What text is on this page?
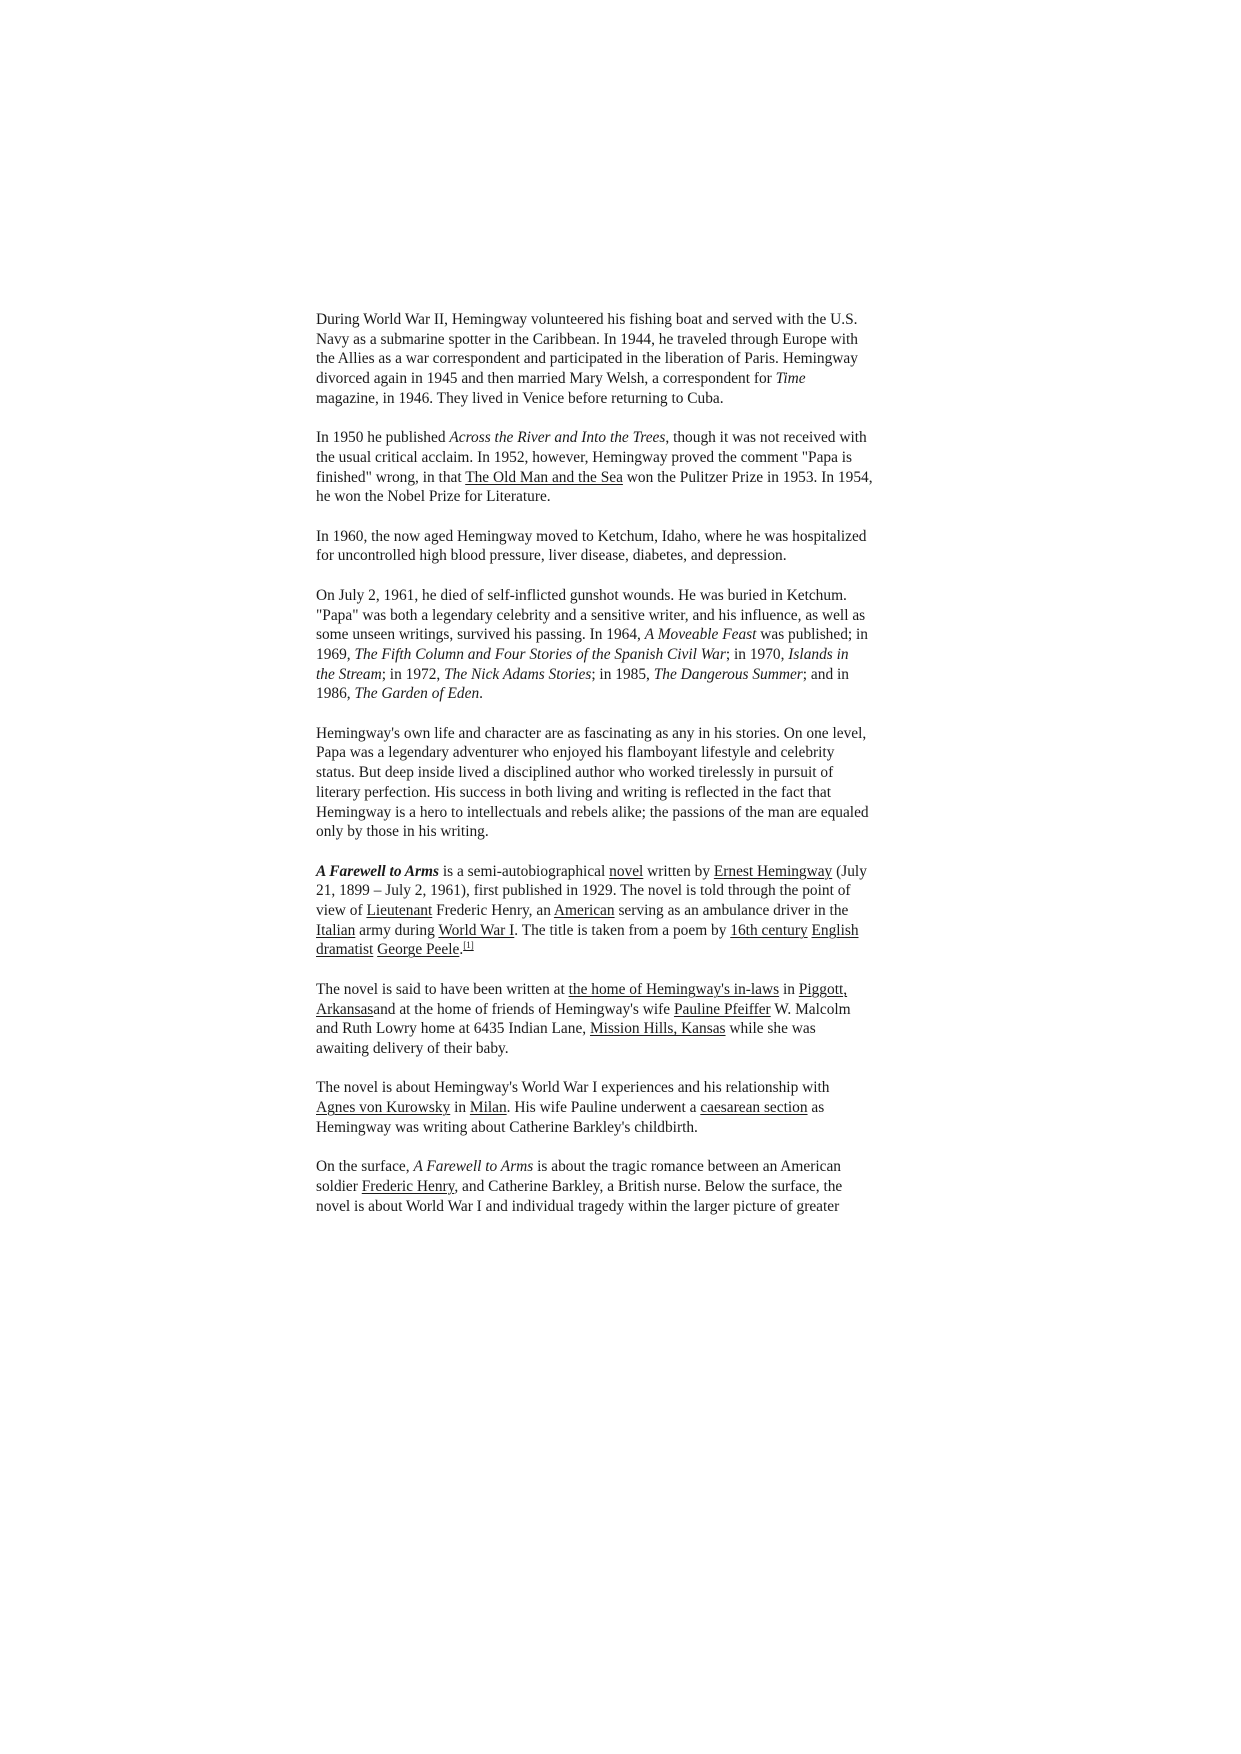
During World War II, Hemingway volunteered his fishing boat and served with the U.S.
Navy as a submarine spotter in the Caribbean. In 1944, he traveled through Europe with
the Allies as a war correspondent and participated in the liberation of Paris. Hemingway
divorced again in 1945 and then married Mary Welsh, a correspondent for Time
magazine, in 1946. They lived in Venice before returning to Cuba.

In 1950 he published Across the River and Into the Trees, though it was not received with
the usual critical acclaim. In 1952, however, Hemingway proved the comment "Papa is
finished" wrong, in that The Old Man and the Sea won the Pulitzer Prize in 1953. In 1954,
he won the Nobel Prize for Literature.

In 1960, the now aged Hemingway moved to Ketchum, Idaho, where he was hospitalized
for uncontrolled high blood pressure, liver disease, diabetes, and depression.

On July 2, 1961, he died of self-inflicted gunshot wounds. He was buried in Ketchum.
"Papa" was both a legendary celebrity and a sensitive writer, and his influence, as well as
some unseen writings, survived his passing. In 1964, A Moveable Feast was published; in
1969, The Fifth Column and Four Stories of the Spanish Civil War; in 1970, Islands in
the Stream; in 1972, The Nick Adams Stories; in 1985, The Dangerous Summer; and in
1986, The Garden of Eden.

Hemingway's own life and character are as fascinating as any in his stories. On one level,
Papa was a legendary adventurer who enjoyed his flamboyant lifestyle and celebrity
status. But deep inside lived a disciplined author who worked tirelessly in pursuit of
literary perfection. His success in both living and writing is reflected in the fact that
Hemingway is a hero to intellectuals and rebels alike; the passions of the man are equaled
only by those in his writing.

A Farewell to Arms is a semi-autobiographical novel written by Ernest Hemingway (July
21, 1899 – July 2, 1961), first published in 1929. The novel is told through the point of
view of Lieutenant Frederic Henry, an American serving as an ambulance driver in the
Italian army during World War I. The title is taken from a poem by 16th century English
dramatist George Peele.[1]

The novel is said to have been written at the home of Hemingway's in-laws in Piggott,
Arkansasand at the home of friends of Hemingway's wife Pauline Pfeiffer W. Malcolm
and Ruth Lowry home at 6435 Indian Lane, Mission Hills, Kansas while she was
awaiting delivery of their baby.

The novel is about Hemingway's World War I experiences and his relationship with
Agnes von Kurowsky in Milan. His wife Pauline underwent a caesarean section as
Hemingway was writing about Catherine Barkley's childbirth.

On the surface, A Farewell to Arms is about the tragic romance between an American
soldier Frederic Henry, and Catherine Barkley, a British nurse. Below the surface, the
novel is about World War I and individual tragedy within the larger picture of greater
